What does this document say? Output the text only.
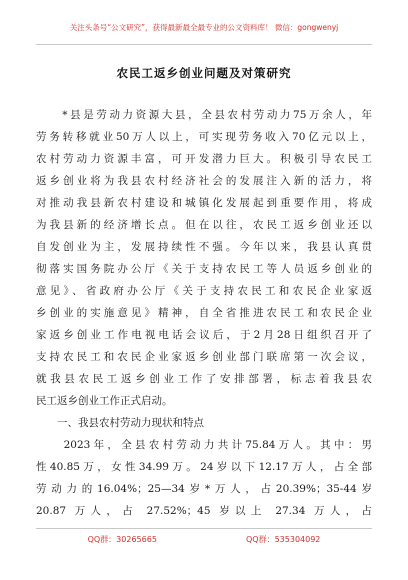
关注头条号“公文研究”，获得最新最全最专业的公文资料库！ 微信：gongwenyj
农民工返乡创业问题及对策研究
　　*县是劳动力资源大县，全县农村劳动力75万余人，年
劳务转移就业50万人以上，可实现劳务收入70亿元以上，
农村劳动力资源丰富，可开发潜力巨大。积极引导农民工
返乡创业将为我县农村经济社会的发展注入新的活力，将
对推动我县新农村建设和城镇化发展起到重要作用，将成
为我县新的经济增长点。但在以往，农民工返乡创业还以
自发创业为主，发展持续性不强。今年以来，我县认真贯
彻落实国务院办公厅《关于支持农民工等人员返乡创业的
意见》、省政府办公厅《关于支持农民工和农民企业家返
乡创业的实施意见》精神，自全省推进农民工和农民企业
家返乡创业工作电视电话会议后，于2月28日组织召开了
支持农民工和农民企业家返乡创业部门联席第一次会议，
就我县农民工返乡创业工作了安排部署，标志着我县农
民工返乡创业工作正式启动。
　　一、我县农村劳动力现状和特点
　　2023年，全县农村劳动力共计75.84万人。其中：男
性40.85万，女性34.99万。24岁以下12.17万人，占全部
劳动力的16.04%；25—34岁*万人，占20.39%；35-44岁
20.87 万人，占 27.52%；45 岁以上 27.34 万人，占
QQ群：30265665	QQ群：535304092
